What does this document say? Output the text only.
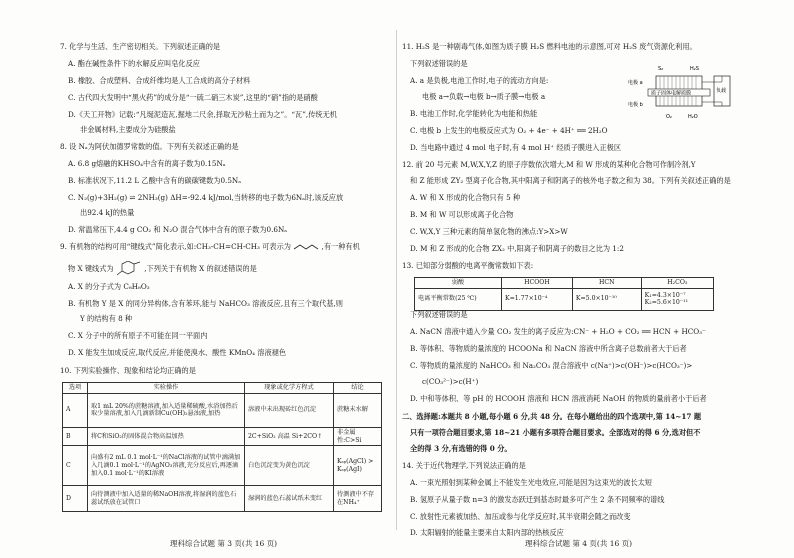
7. 化学与生活、生产密切相关。下列叙述正确的是
A. 酯在碱性条件下的水解反应叫皂化反应
B. 橡胶、合成塑料、合成纤维均是人工合成的高分子材料
C. 古代四大发明中“黑火药”的成分是“一硫二硝三木炭”,这里的“硝”指的是硝酸
D.《天工开物》记载:“凡埏泥造瓦,掘地二尺余,择取无沙粘土而为之”。“瓦”,传统无机
非金属材料,主要成分为硅酸盐
8. 设 Nₐ为阿伏加德罗常数的值。下列有关叙述正确的是
A. 6.8 g熔融的KHSO₄中含有的离子数为0.15Nₐ
B. 标准状况下,11.2 L 乙酸中含有的碳碳键数为0.5Nₐ
C. N₂(g)+3H₂(g) ⇌ 2NH₃(g) ΔH=-92.4 kJ/mol,当转移的电子数为6Nₐ时,该反应放
出92.4 kJ的热量
D. 常温常压下,4.4 g CO₂ 和 N₂O 混合气体中含有的原子数为0.6Nₐ
9. 有机物的结构可用“键线式”简化表示,如:CH₃-CH=CH-CH₃ 可表示为	,有一种有机
物 X 键线式为	,下列关于有机物 X 的叙述错误的是
A. X 的分子式为 C₈H₈O₃
B. 有机物 Y 是 X 的同分异构体,含有苯环,能与 NaHCO₃ 溶液反应,且有三个取代基,则
Y 的结构有 8 种
C. X 分子中的所有原子不可能在同一平面内
D. X 能发生加成反应,取代反应,并能使溴水、酸性 KMnO₄ 溶液褪色
10. 下列实验操作、现象和结论均正确的是
选项	实验操作	现象或化学方程式	结论
A	取1 mL 20%的蔗糖溶液,加入适量稀硫酸,水浴加热后取少量溶液,加入几滴新制Cu(OH)₂悬浊液,加热	溶液中未出现砖红色沉淀	蔗糖未水解
B	将C和SiO₂的固体混合物高温加热	2C+SiO₂ 高温 Si+2CO↑	非金属性:C>Si
C	向盛有2 mL 0.1 mol·L⁻¹的NaCl溶液的试管中滴满加入几滴0.1 mol·L⁻¹的AgNO₃溶液,充分反应后,再逐滴加入0.1 mol·L⁻¹的KI溶液	白色沉淀变为黄色沉淀	Kₛₚ(AgCl) > Kₛₚ(AgI)
D	向待测液中加入适量的稀NaOH溶液,将湿润的蓝色石蕊试纸放在试管口	湿润的蓝色石蕊试纸未变红	待测液中不存在NH₄⁺
理科综合试题 第 3 页(共 16 页)
11. H₂S 是一种剧毒气体,如图为质子膜 H₂S 燃料电池的示意图,可对 H₂S 废气资源化利用。
下列叙述错误的是
A. a 是负极,电池工作时,电子的流动方向是:
电极 a→负载→电极 b→质子膜→电极 a
B. 电池工作时,化学能转化为电能和热能
C. 电极 b 上发生的电极反应式为 O₂ + 4e⁻ + 4H⁺ ══ 2H₂O
D. 当电路中通过 4 mol 电子时,有 4 mol H⁺ 经质子膜进入正极区
12. 前 20 号元素 M,W,X,Y,Z 的原子序数依次增大,M 和 W 形成的某种化合物可作制冷剂,Y
和 Z 能形成 ZY₂ 型离子化合物,其中阳离子和阴离子的核外电子数之和为 38。下列有关叙述正确的是
A. W 和 X 形成的化合物只有 5 种
B. M 和 W 可以形成离子化合物
C. W,X,Y 三种元素的简单氢化物的沸点:Y>X>W
D. M 和 Z 形成的化合物 ZX₂ 中,阳离子和阴离子的数目之比为 1:2
13. 已知部分弱酸的电离平衡常数如下表:
弱酸	HCOOH	HCN	H₂CO₃
电离平衡常数(25 ℃)	K=1.77×10⁻⁴	K=5.0×10⁻¹⁰	K₁=4.3×10⁻⁷
K₂=5.6×10⁻¹¹
下列叙述错误的是
A. NaCN 溶液中通入少量 CO₂ 发生的离子反应为:CN⁻ + H₂O + CO₂ ══ HCN + HCO₃⁻
B. 等体积、等物质的量浓度的 HCOONa 和 NaCN 溶液中所含离子总数前者大于后者
C. 等物质的量浓度的 NaHCO₃ 和 Na₂CO₃ 混合溶液中 c(Na⁺)>c(OH⁻)>c(HCO₃⁻)>
c(CO₃²⁻)>c(H⁺)
D. 中和等体积、等 pH 的 HCOOH 溶液和 HCN 溶液消耗 NaOH 的物质的量前者小于后者
二、选择题:本题共 8 小题,每小题 6 分,共 48 分。在每小题给出的四个选项中,第 14~17 题
只有一项符合题目要求,第 18~21 小题有多项符合题目要求。全部选对的得 6 分,选对但不
全的得 3 分,有选错的得 0 分。
14. 关于近代物理学,下列说法正确的是
A. 一束光照射到某种金属上不能发生光电效应,可能是因为这束光的波长太短
B. 氢原子从量子数 n=3 的激发态跃迁到基态时最多可产生 2 条不同频率的谱线
C. 放射性元素被加热、加压或参与化学反应时,其半衰期会随之而改变
D. 太阳辐射的能量主要来自太阳内部的热核反应
理科综合试题 第 4 页(共 16 页)
质子固体电解质膜	负载
电极 a
电极 b
S₂	H₂S
O₂	H₂O
